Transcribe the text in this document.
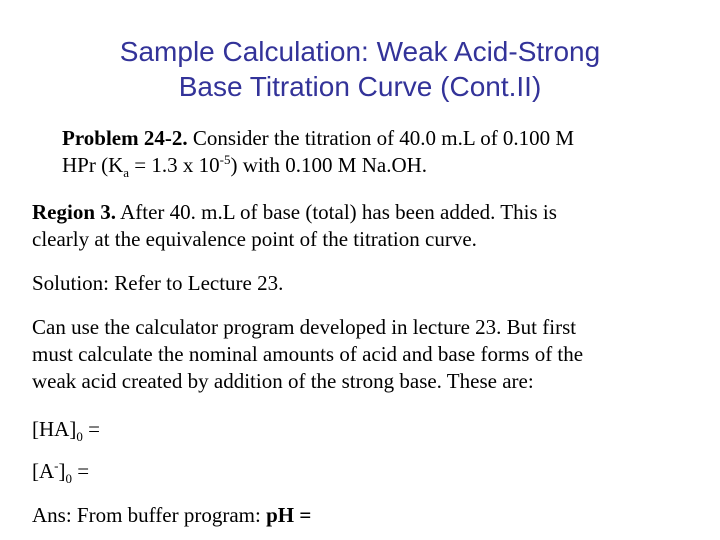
Sample Calculation: Weak Acid-Strong
Base Titration Curve (Cont.II)
Problem 24-2. Consider the titration of 40.0 m.L of 0.100 M
HPr ($K_a = 1.3$ x $10^{-5}$) with 0.100 M Na.OH.
Region 3. After 40. m.L of base (total) has been added. This is
clearly at the equivalence point of the titration curve.
Solution: Refer to Lecture 23.
Can use the calculator program developed in lecture 23. But first
must calculate the nominal amounts of acid and base forms of the
weak acid created by addition of the strong base. These are:
$[HA]_0$ =
$[A^-]_0$ =
Ans: From buffer program: pH =
